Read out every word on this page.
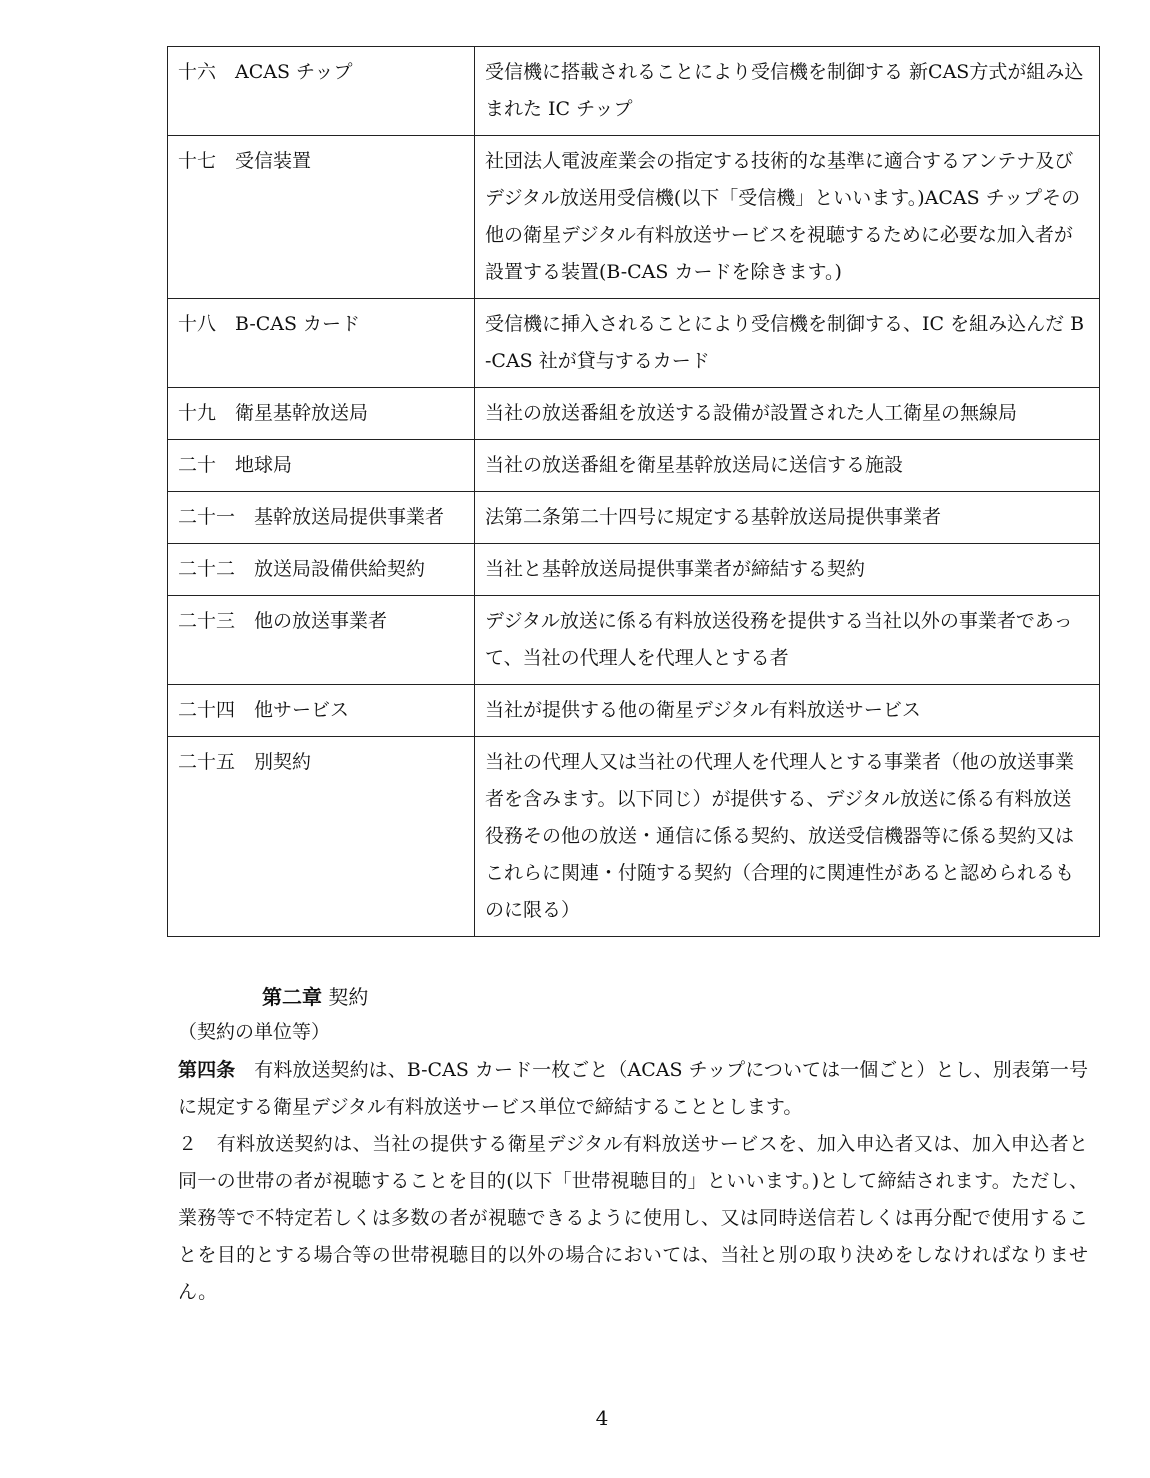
十六　ACAS チップ	受信機に搭載されることにより受信機を制御する 新CAS方式が組み込まれた IC チップ
十七　受信装置	社団法人電波産業会の指定する技術的な基準に適合するアンテナ及びデジタル放送用受信機(以下「受信機」といいます。)ACAS チップその他の衛星デジタル有料放送サービスを視聴するために必要な加入者が設置する装置(B-CAS カードを除きます。)
十八　B-CAS カード	受信機に挿入されることにより受信機を制御する、IC を組み込んだ B-CAS 社が貸与するカード
十九　衛星基幹放送局	当社の放送番組を放送する設備が設置された人工衛星の無線局
二十　地球局	当社の放送番組を衛星基幹放送局に送信する施設
二十一　基幹放送局提供事業者	法第二条第二十四号に規定する基幹放送局提供事業者
二十二　放送局設備供給契約	当社と基幹放送局提供事業者が締結する契約
二十三　他の放送事業者	デジタル放送に係る有料放送役務を提供する当社以外の事業者であって、当社の代理人を代理人とする者
二十四　他サービス	当社が提供する他の衛星デジタル有料放送サービス
二十五　別契約	当社の代理人又は当社の代理人を代理人とする事業者（他の放送事業者を含みます。以下同じ）が提供する、デジタル放送に係る有料放送役務その他の放送・通信に係る契約、放送受信機器等に係る契約又はこれらに関連・付随する契約（合理的に関連性があると認められるものに限る）
第二章 契約
（契約の単位等）
第四条　 有料放送契約は、B-CAS カード一枚ごと（ACAS チップについては一個ごと）とし、別表第一号に規定する衛星デジタル有料放送サービス単位で締結することとします。
２　有料放送契約は、当社の提供する衛星デジタル有料放送サービスを、加入申込者又は、加入申込者と同一の世帯の者が視聴することを目的(以下「世帯視聴目的」といいます。)として締結されます。ただし、業務等で不特定若しくは多数の者が視聴できるように使用し、又は同時送信若しくは再分配で使用することを目的とする場合等の世帯視聴目的以外の場合においては、当社と別の取り決めをしなければなりません。
4
